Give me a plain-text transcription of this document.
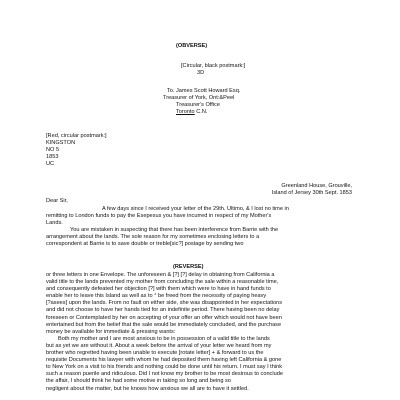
(OBVERSE)
[Circular, black postmark:]
3D
To. James Scott Howard Esq.
Treasurer of York, Ont:&Peel
Treasurer's Office
Toronto C.N.
[Red, circular postmark:]
KINGSTON
NO 5
1853
UC
Greenland House, Grouville,
Island of Jersey 30th Sept. 1853
Dear Sir,
A few days since I received your letter of the 29th. Ultimo, & I lost no time in
remitting to London funds to pay the Esepesus you have incurred in respect of my Mother's
Lands.
You are mistaken in suspecting that there has been interference from Barrie with the
arrangement about the lands. The sole reason for my sometimes enclosing letters to a
correspondent at Barrie is to save double or treble[sic?] postage by sending two
(REVERSE)
or three letters in one Envelope. The unforeseen & [?] [?] delay in obtaining from California a
valid title to the lands prevented my mother from concluding the sale within a reasonable time,
and consequently defeated her objection [?] with them which were to have in hand funds to
enable her to leave this Island as well as to ° be freed from the necessity of paying heavy
[?asees] upon the lands. From no fault on either side, she was disappointed in her expectations
and did not choose to have her hands tied for an indefinite period. There having been no delay
foreseen or Contemplated by her on accepting of your offer an offer which would not have been
entertained but from the belief that the sale would be immediately concluded, and the purchase
money be available for immediate & pressing wants:
Both my mother and I are most anxious to be in possession of a valid title to the lands
but as yet we are without it. About a week before the arrival of your letter we heard from my
brother who regretted having been unable to execute [rotate letter] + & forward to us the
requisite Documents his lawyer with whom he had deposited them having left California & gone
to New York on a visit to his friends and nothing could be done until his return. I must say I think
such a reason puerile and ridiculous. Did I not know my brother to be most desirous to conclude
the affair, I should think he had some motive in taking so long and being so
negligent about the matter, but he knows how anxious we all are to have it settled.
